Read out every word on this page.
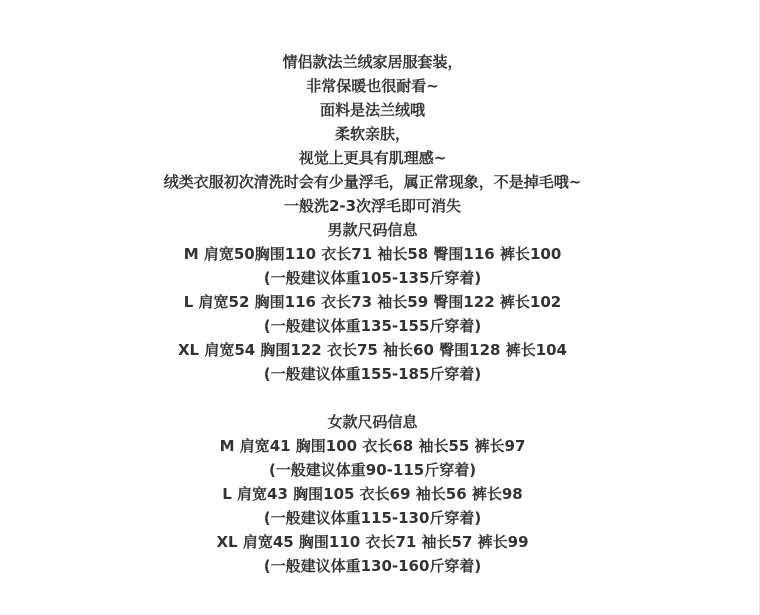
情侣款法兰绒家居服套装，
非常保暖也很耐看~
面料是法兰绒哦
柔软亲肤，
视觉上更具有肌理感~
绒类衣服初次清洗时会有少量浮毛，属正常现象，不是掉毛哦~
一般洗2-3次浮毛即可消失
男款尺码信息
M 肩宽50胸围110 衣长71 袖长58 臀围116 裤长100
(一般建议体重105-135斤穿着)
L 肩宽52 胸围116 衣长73 袖长59 臀围122 裤长102
(一般建议体重135-155斤穿着)
XL 肩宽54 胸围122 衣长75 袖长60 臀围128 裤长104
(一般建议体重155-185斤穿着)
女款尺码信息
M 肩宽41 胸围100 衣长68 袖长55 裤长97
(一般建议体重90-115斤穿着)
L 肩宽43 胸围105 衣长69 袖长56 裤长98
(一般建议体重115-130斤穿着)
XL 肩宽45 胸围110 衣长71 袖长57 裤长99
(一般建议体重130-160斤穿着)
